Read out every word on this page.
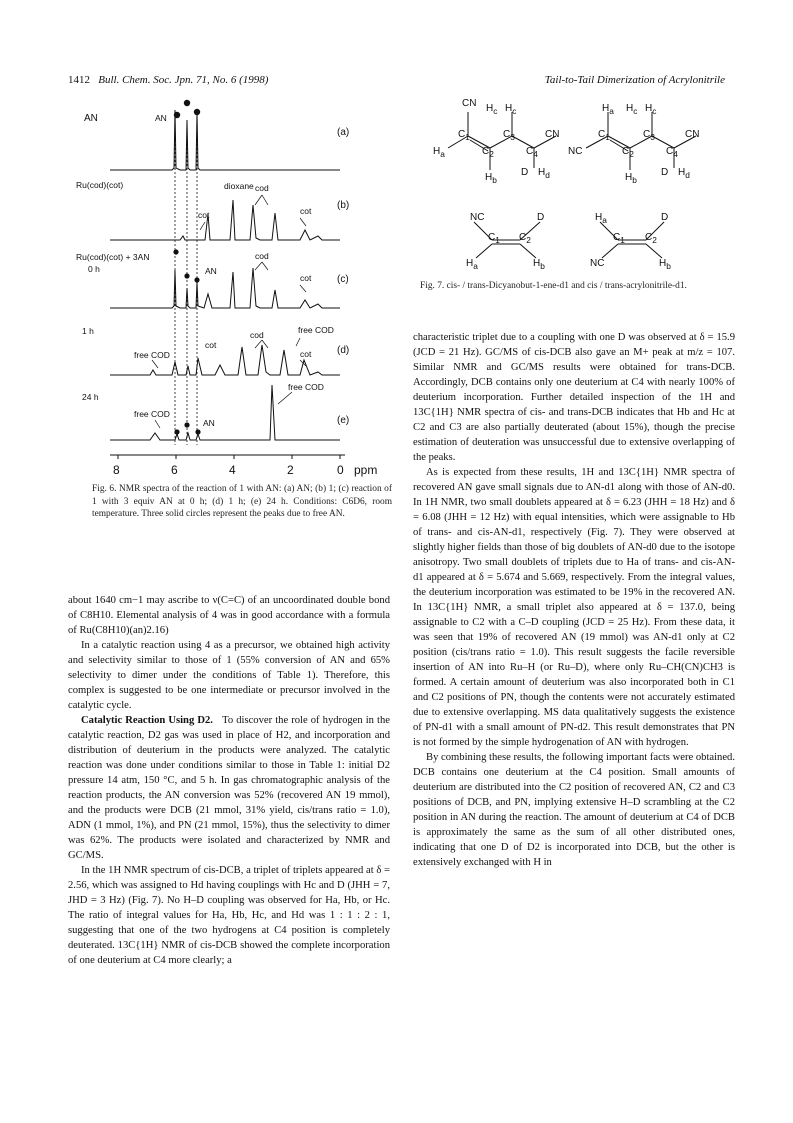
1412 Bull. Chem. Soc. Jpn. 71, No. 6 (1998)	Tail-to-Tail Dimerization of Acrylonitrile
AN
Ru(cod)(cot)
Ru(cod)(cot) + 3AN
0 h
1 h
24 h
(a)
(b)
(c)
(d)
(e)
AN
dioxane cod
cot	cot
AN
cod
cot
free COD
cod
cot
free COD	cot
free COD
free COD
AN
8	6	4	2	0 ppm
Fig. 6. NMR spectra of the reaction of 1 with AN: (a) AN; (b) 1; (c) reaction of 1 with 3 equiv AN at 0 h; (d) 1 h; (e) 24 h. Conditions: C6D6, room temperature. Three solid circles represent the peaks due to free AN.
CN $H_c$ $H_c$
$C_1$	$C_3$	CN
$H_a$	$C_2$	$C_4$
$H_b$
D $H_d$
$H_a$ $H_c$ $H_c$
$C_1$	$C_3$	CN
NC	$C_2$	$C_4$
$H_b$
D $H_d$
NC	D
$C_1$ $C_2$
$H_a$	$H_b$
$H_a$	D
$C_1$ $C_2$
NC	$H_b$
Fig. 7. cis- / trans-Dicyanobut-1-ene-d1 and cis / trans-acrylonitrile-d1.

about 1640 cm−1 may ascribe to ν(C=C) of an uncoordinated double bond of C8H10. Elemental analysis of 4 was in good accordance with a formula of Ru(C8H10)(an)2.16)

In a catalytic reaction using 4 as a precursor, we obtained high activity and selectivity similar to those of 1 (55% conversion of AN and 65% selectivity to dimer under the conditions of Table 1). Therefore, this complex is suggested to be one intermediate or precursor involved in the catalytic cycle.

Catalytic Reaction Using D2. To discover the role of hydrogen in the catalytic reaction, D2 gas was used in place of H2, and incorporation and distribution of deuterium in the products were analyzed. The catalytic reaction was done under conditions similar to those in Table 1: initial D2 pressure 14 atm, 150 °C, and 5 h. In gas chromatographic analysis of the reaction products, the AN conversion was 52% (recovered AN 19 mmol), and the products were DCB (21 mmol, 31% yield, cis/trans ratio = 1.0), ADN (1 mmol, 1%), and PN (21 mmol, 15%), thus the selectivity to dimer was 62%. The products were isolated and characterized by NMR and GC/MS.

In the 1H NMR spectrum of cis-DCB, a triplet of triplets appeared at δ = 2.56, which was assigned to Hd having couplings with Hc and D (JHH = 7, JHD = 3 Hz) (Fig. 7). No H–D coupling was observed for Ha, Hb, or Hc. The ratio of integral values for Ha, Hb, Hc, and Hd was 1 : 1 : 2 : 1, suggesting that one of the two hydrogens at C4 position is completely deuterated. 13C{1H} NMR of cis-DCB showed the complete incorporation of one deuterium at C4 more clearly; a

characteristic triplet due to a coupling with one D was observed at δ = 15.9 (JCD = 21 Hz). GC/MS of cis-DCB also gave an M+ peak at m/z = 107. Similar NMR and GC/MS results were obtained for trans-DCB. Accordingly, DCB contains only one deuterium at C4 with nearly 100% of deuterium incorporation. Further detailed inspection of the 1H and 13C{1H} NMR spectra of cis- and trans-DCB indicates that Hb and Hc at C2 and C3 are also partially deuterated (about 15%), though the precise estimation of deuteration was unsuccessful due to extensive overlapping of the peaks.

As is expected from these results, 1H and 13C{1H} NMR spectra of recovered AN gave small signals due to AN-d1 along with those of AN-d0. In 1H NMR, two small doublets appeared at δ = 6.23 (JHH = 18 Hz) and δ = 6.08 (JHH = 12 Hz) with equal intensities, which were assignable to Hb of trans- and cis-AN-d1, respectively (Fig. 7). They were observed at slightly higher fields than those of big doublets of AN-d0 due to the isotope anisotropy. Two small doublets of triplets due to Ha of trans- and cis-AN-d1 appeared at δ = 5.674 and 5.669, respectively. From the integral values, the deuterium incorporation was estimated to be 19% in the recovered AN. In 13C{1H} NMR, a small triplet also appeared at δ = 137.0, being assignable to C2 with a C–D coupling (JCD = 25 Hz). From these data, it was seen that 19% of recovered AN (19 mmol) was AN-d1 only at C2 position (cis/trans ratio = 1.0). This result suggests the facile reversible insertion of AN into Ru–H (or Ru–D), where only Ru–CH(CN)CH3 is formed. A certain amount of deuterium was also incorporated both in C1 and C2 positions of PN, though the contents were not accurately estimated due to extensive overlapping. MS data qualitatively suggests the existence of PN-d1 with a small amount of PN-d2. This result demonstrates that PN is not formed by the simple hydrogenation of AN with hydrogen.

By combining these results, the following important facts were obtained. DCB contains one deuterium at the C4 position. Small amounts of deuterium are distributed into the C2 position of recovered AN, C2 and C3 positions of DCB, and PN, implying extensive H–D scrambling at the C2 position in AN during the reaction. The amount of deuterium at C4 of DCB is approximately the same as the sum of all other distributed ones, indicating that one D of D2 is incorporated into DCB, but the other is extensively exchanged with H in
